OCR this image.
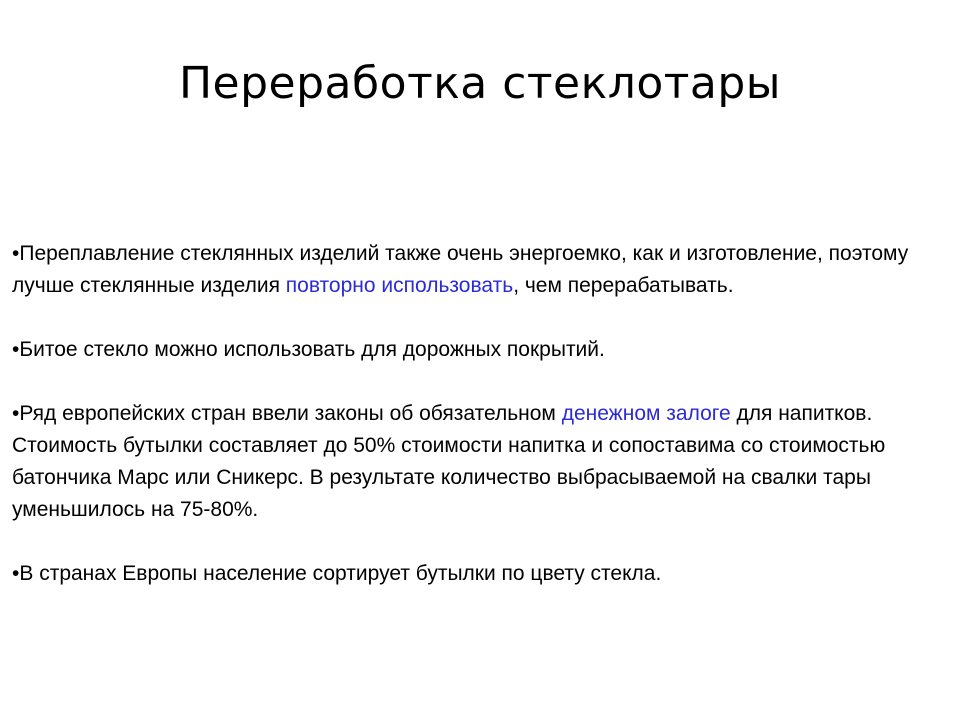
Переработка стеклотары

•Переплавление стеклянных изделий также очень энергоемко, как и изготовление, поэтому лучше стеклянные изделия повторно использовать, чем перерабатывать.

•Битое стекло можно использовать для дорожных покрытий.

•Ряд европейских стран ввели законы об обязательном денежном залоге для напитков. Стоимость бутылки составляет до 50% стоимости напитка и сопоставима со стоимостью батончика Марс или Сникерс. В результате количество выбрасываемой на свалки тары уменьшилось на 75-80%.

•В странах Европы население сортирует бутылки по цвету стекла.
